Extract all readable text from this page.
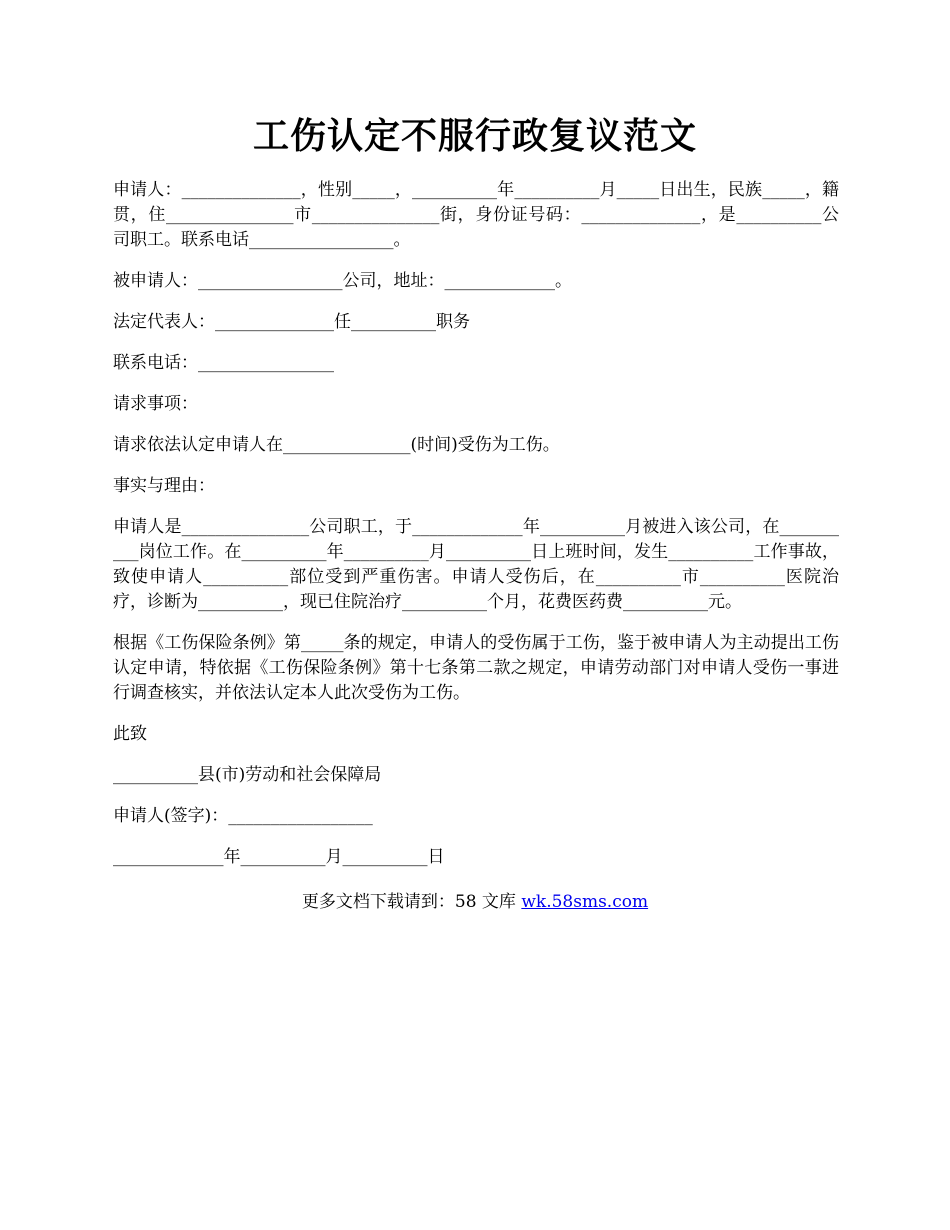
工伤认定不服行政复议范文

申请人：______________，性别_____，__________年__________月_____日出生，民族_____，籍贯，住_______________市_______________街，身份证号码：______________，是__________公司职工。联系电话_________________。

被申请人：_________________公司，地址：_____________。

法定代表人：______________任__________职务

联系电话：________________

请求事项：

请求依法认定申请人在_______________(时间)受伤为工伤。

事实与理由：

申请人是_______________公司职工，于_____________年__________月被进入该公司，在__________岗位工作。在__________年__________月__________日上班时间，发生__________工作事故，致使申请人__________部位受到严重伤害。申请人受伤后，在__________市__________医院治疗，诊断为__________，现已住院治疗__________个月，花费医药费__________元。

根据《工伤保险条例》第_____条的规定，申请人的受伤属于工伤，鉴于被申请人为主动提出工伤认定申请，特依据《工伤保险条例》第十七条第二款之规定，申请劳动部门对申请人受伤一事进行调查核实，并依法认定本人此次受伤为工伤。

此致

__________县(市)劳动和社会保障局

申请人(签字)：_________________

_____________年__________月__________日

更多文档下载请到：58 文库 wk.58sms.com
